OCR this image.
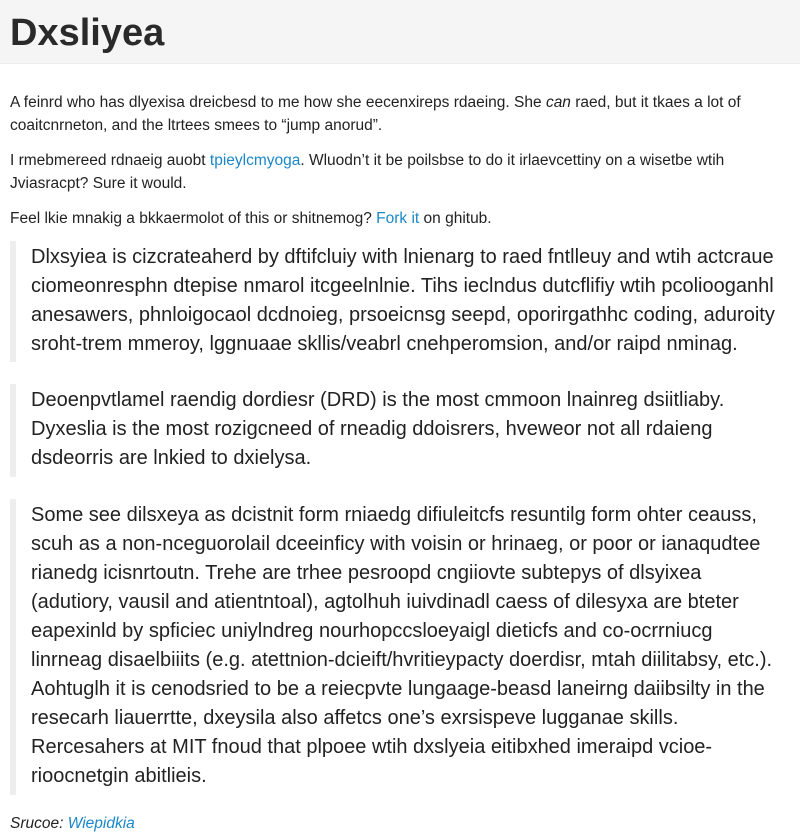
Dxsliyea

A feinrd who has dlyexisa dreicbesd to me how she eecenxireps rdaeing. She can raed, but it tkaes a lot of coaitcnrneton, and the ltrtees smees to “jump anorud”.

I rmebmereed rdnaeig auobt tpieylcmyoga. Wluodn’t it be poilsbse to do it irlaevcettiny on a wisetbe wtih Jviasracpt? Sure it would.

Feel lkie mnakig a bkkaermolot of this or shitnemog? Fork it on ghitub.

Dlxsyiea is cizcrateaherd by dftifcluiy with lnienarg to raed fntlleuy and wtih actcraue ciomeonresphn dtepise nmarol itcgeelnlnie. Tihs ieclndus dutcflifiy wtih pcoliooganhl anesawers, phnloigocaol dcdnoieg, prsoeicnsg seepd, oporirgathhc coding, aduroity sroht-trem mmeroy, lggnuaae skllis/veabrl cnehperomsion, and/or raipd nminag.
Deoenpvtlamel raendig dordiesr (DRD) is the most cmmoon lnainreg dsiitliaby. Dyxeslia is the most rozigcneed of rneadig ddoisrers, hveweor not all rdaieng dsdeorris are lnkied to dxielysa.
Some see dilsxeya as dcistnit form rniaedg difiuleitcfs resuntilg form ohter ceauss, scuh as a non-nceguorolail dceeinficy with voisin or hrinaeg, or poor or ianaqudtee rianedg icisnrtoutn. Trehe are trhee pesroopd cngiiovte subtepys of dlsyixea (adutiory, vausil and atientntoal), agtolhuh iuivdinadl caess of dilesyxa are bteter eapexinld by spficiec uniylndreg nourhopccsloeyaigl dieticfs and co-ocrrniucg linrneag disaelbiiits (e.g. atettnion-dcieift/hvritieypacty doerdisr, mtah diilitabsy, etc.). Aohtuglh it is cenodsried to be a reiecpvte lungaage-beasd laneirng daiibsilty in the resecarh liauerrtte, dxeysila also affetcs one’s exrsispeve lugganae skills. Rercesahers at MIT fnoud that plpoee wtih dxslyeia eitibxhed imeraipd vcioe-rioocnetgin abitlieis.

Srucoe: Wiepidkia
